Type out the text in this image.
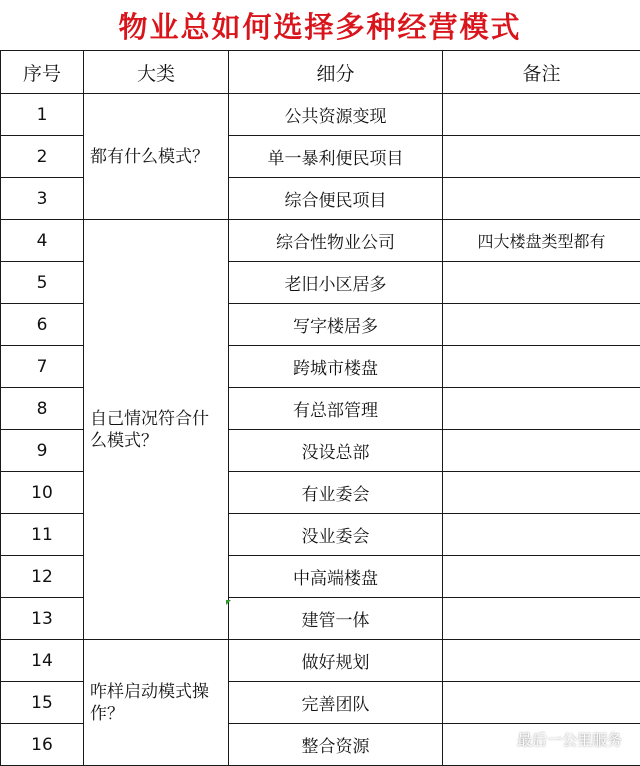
物业总如何选择多种经营模式
序号	大类	细分	备注
1	都有什么模式？	公共资源变现	
2		单一暴利便民项目	
3		综合便民项目	
4	自己情况符合什么模式？	综合性物业公司	四大楼盘类型都有
5		老旧小区居多	
6		写字楼居多	
7		跨城市楼盘	
8		有总部管理	
9		没设总部	
10		有业委会	
11		没业委会	
12		中高端楼盘	
13		建管一体	
14	咋样启动模式操作？	做好规划	
15		完善团队	
16		整合资源		最后一公里服务
